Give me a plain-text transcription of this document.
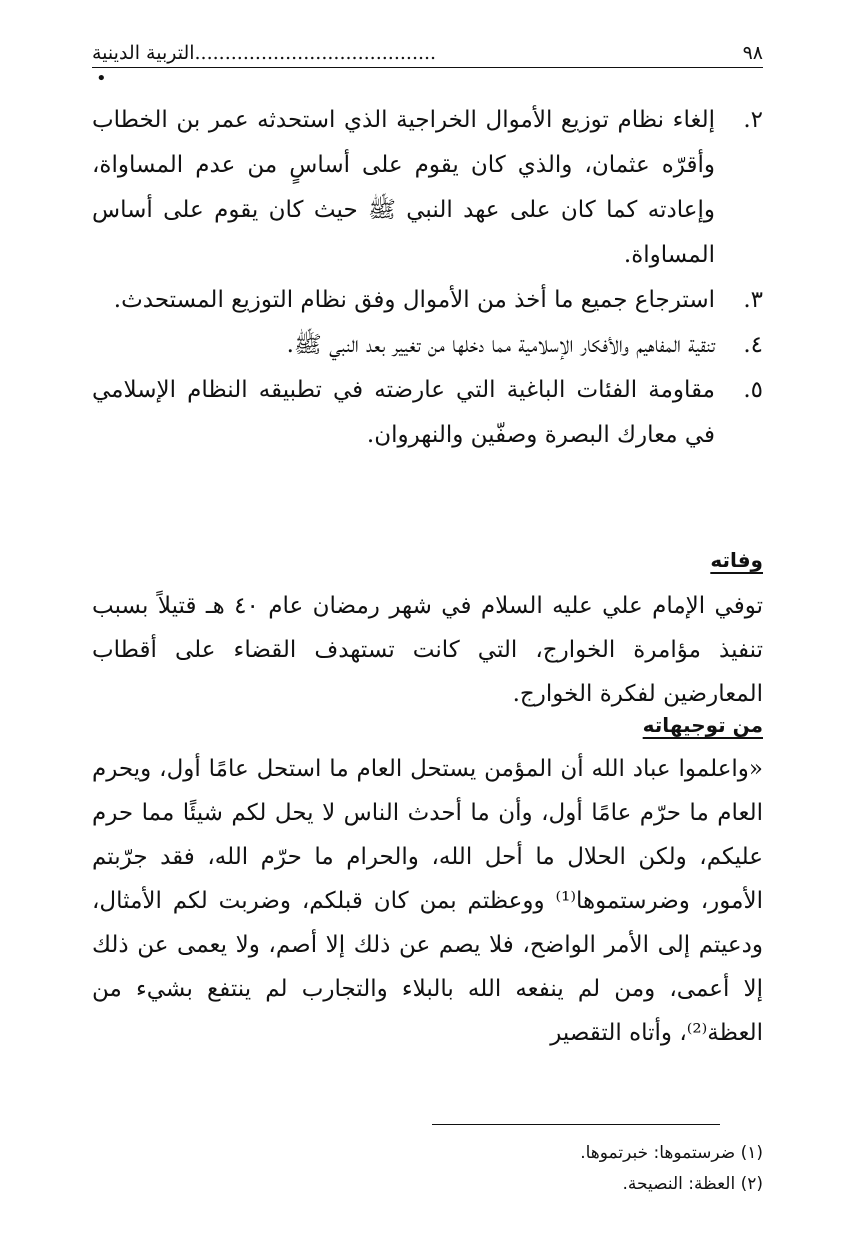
٩٨
........................................التربية الدينية
•
٢.
إلغاء نظام توزيع الأموال الخراجية الذي استحدثه عمر بن الخطاب وأقرّه عثمان، والذي كان يقوم على أساسٍ من عدم المساواة، وإعادته كما كان على عهد النبي ﷺ حيث كان يقوم على أساس المساواة.
٣.
استرجاع جميع ما أخذ من الأموال وفق نظام التوزيع المستحدث.
٤.
تنقية المفاهيم والأفكار الإسلامية مما دخلها من تغيير بعد النبي ﷺ.
٥.
مقاومة الفئات الباغية التي عارضته في تطبيقه النظام الإسلامي في معارك البصرة وصفّين والنهروان.
وفاته

توفي الإمام علي عليه السلام في شهر رمضان عام ٤٠ هـ قتيلاً بسبب تنفيذ مؤامرة الخوارج، التي كانت تستهدف القضاء على أقطاب المعارضين لفكرة الخوارج.

من توجيهاته

«واعلموا عباد الله أن المؤمن يستحل العام ما استحل عامًا أول، ويحرم العام ما حرّم عامًا أول، وأن ما أحدث الناس لا يحل لكم شيئًا مما حرم عليكم، ولكن الحلال ما أحل الله، والحرام ما حرّم الله، فقد جرّبتم الأمور، وضرستموها⁽¹⁾ ووعظتم بمن كان قبلكم، وضربت لكم الأمثال، ودعيتم إلى الأمر الواضح، فلا يصم عن ذلك إلا أصم، ولا يعمى عن ذلك إلا أعمى، ومن لم ينفعه الله بالبلاء والتجارب لم ينتفع بشيء من العظة⁽²⁾، وأتاه التقصير

(١) ضرستموها: خبرتموها.
(٢) العظة: النصيحة.
